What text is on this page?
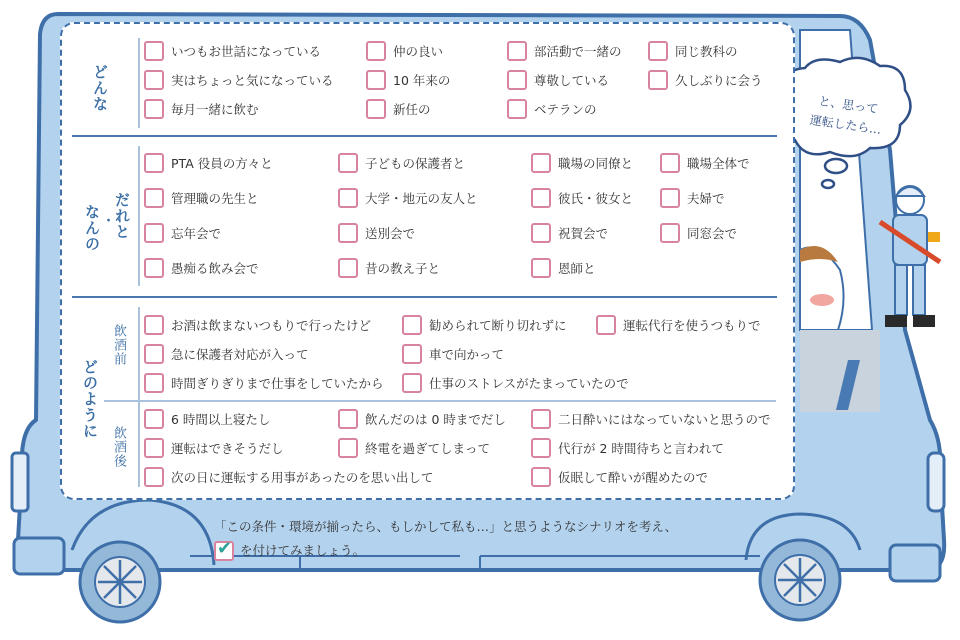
と、思って
運転したら…
どんな
いつもお世話になっている	仲の良い	部活動で一緒の	同じ教科の
実はちょっと気になっている	10 年来の	尊敬している	久しぶりに会う
毎月一緒に飲む	新任の	ベテランの
なんの ・
だれと
PTA 役員の方々と	子どもの保護者と	職場の同僚と	職場全体で
管理職の先生と	大学・地元の友人と	彼氏・彼女と	夫婦で
忘年会で	送別会で	祝賀会で	同窓会で
愚痴る飲み会で	昔の教え子と	恩師と
どのように
飲酒前
飲酒後
お酒は飲まないつもりで行ったけど	勧められて断り切れずに	運転代行を使うつもりで
急に保護者対応が入って	車で向かって
時間ぎりぎりまで仕事をしていたから	仕事のストレスがたまっていたので
6 時間以上寝たし	飲んだのは 0 時までだし	二日酔いにはなっていないと思うので
運転はできそうだし	終電を過ぎてしまって	代行が 2 時間待ちと言われて
次の日に運転する用事があったのを思い出して	仮眠して酔いが醒めたので
「この条件・環境が揃ったら、もしかして私も…」と思うようなシナリオを考え、
✔ を付けてみましょう。
